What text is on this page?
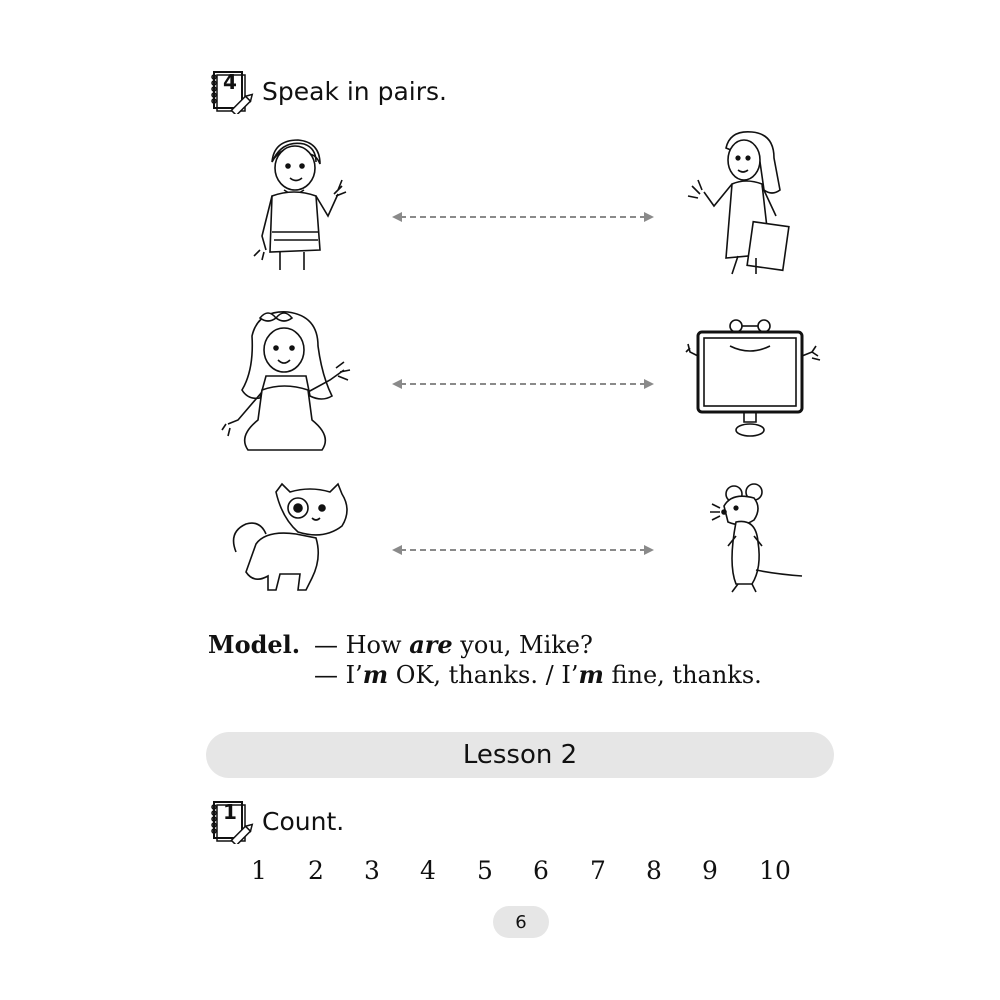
4 Speak in pairs.
Model. — How are you, Mike?
— I’m OK, thanks. / I’m fine, thanks.
Lesson 2
1 Count.
1 2 3 4 5 6 7 8 9 10
6
